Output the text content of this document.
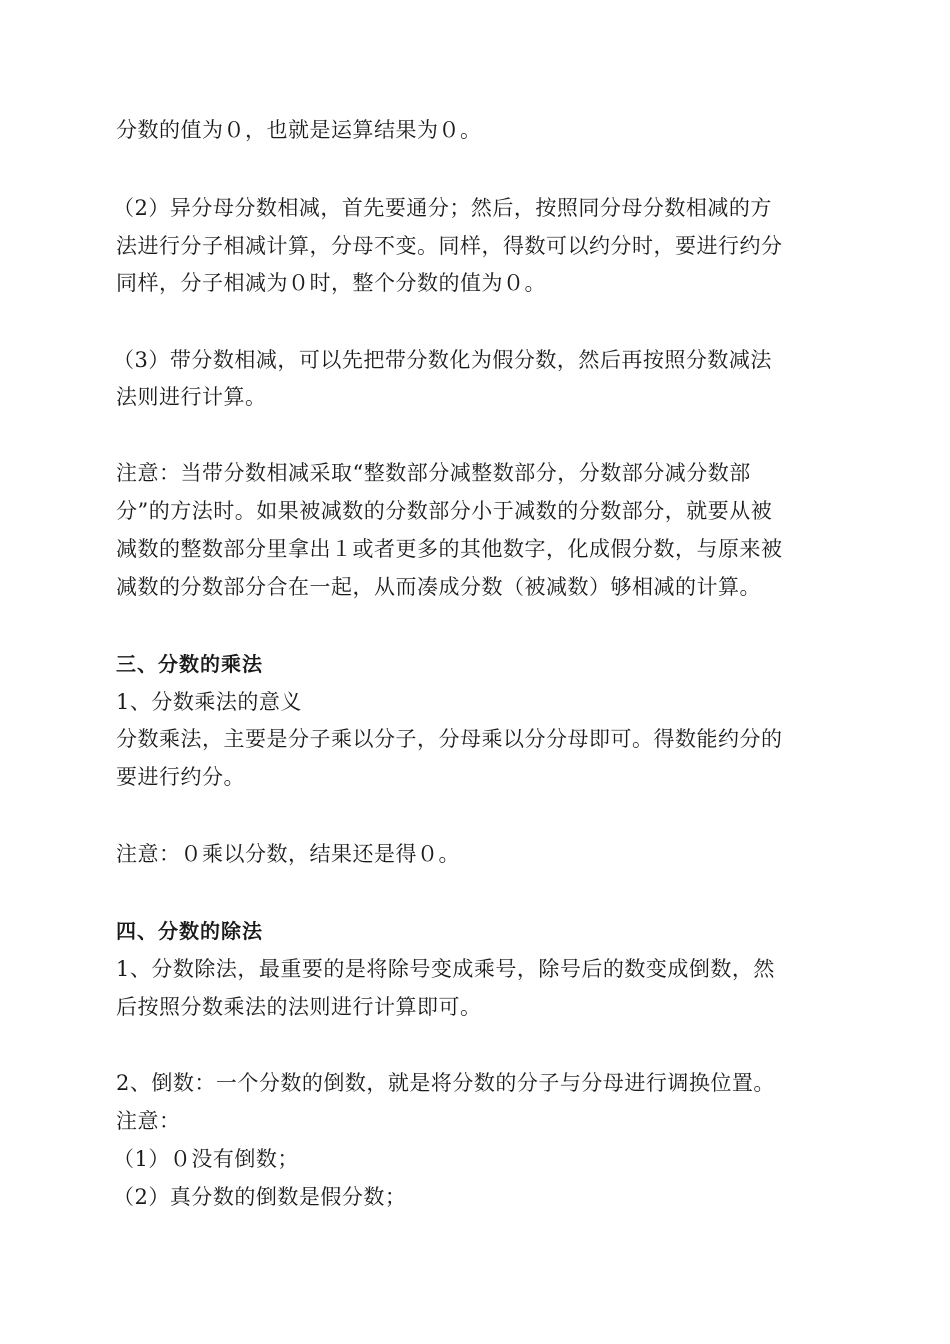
分数的值为０，也就是运算结果为０。

（2）异分母分数相减，首先要通分；然后，按照同分母分数相减的方

法进行分子相减计算，分母不变。同样，得数可以约分时，要进行约分

同样，分子相减为０时，整个分数的值为０。

（3）带分数相减，可以先把带分数化为假分数，然后再按照分数减法

法则进行计算。

注意：当带分数相减采取“整数部分减整数部分，分数部分减分数部

分”的方法时。如果被减数的分数部分小于减数的分数部分，就要从被

减数的整数部分里拿出１或者更多的其他数字，化成假分数，与原来被

减数的分数部分合在一起，从而凑成分数（被减数）够相减的计算。

三、分数的乘法

1、分数乘法的意义

分数乘法，主要是分子乘以分子，分母乘以分分母即可。得数能约分的

要进行约分。

注意：０乘以分数，结果还是得０。

四、分数的除法

1、分数除法，最重要的是将除号变成乘号，除号后的数变成倒数，然

后按照分数乘法的法则进行计算即可。

2、倒数：一个分数的倒数，就是将分数的分子与分母进行调换位置。

注意：

（1）０没有倒数；

（2）真分数的倒数是假分数；
